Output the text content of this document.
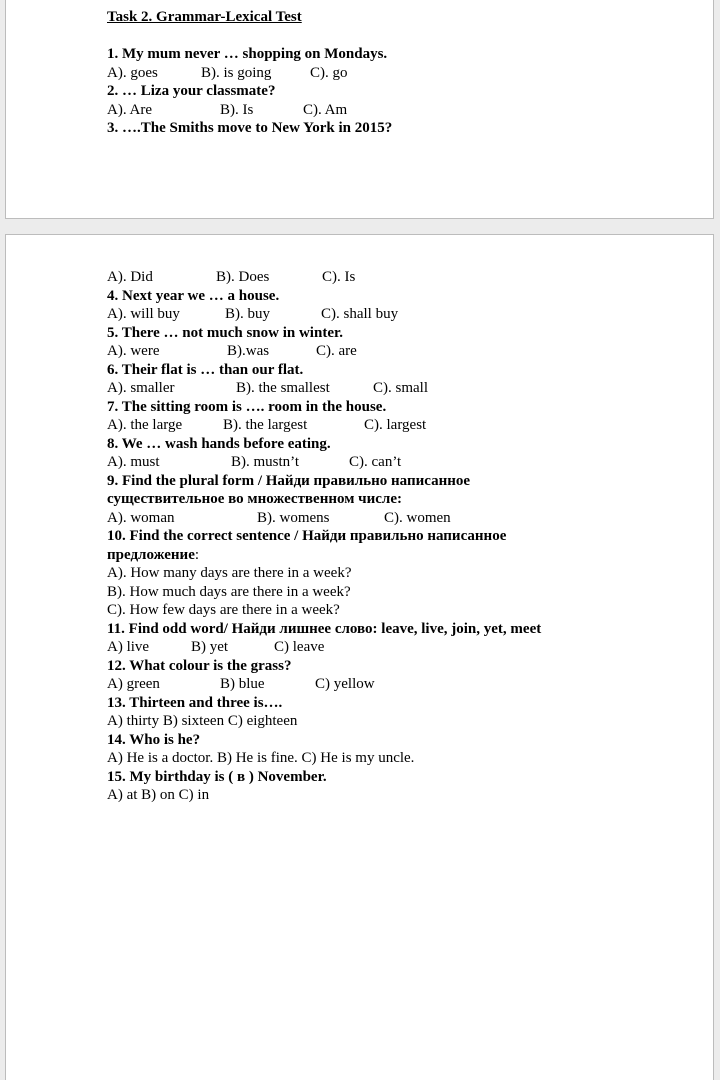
Task 2. Grammar-Lexical Test
1. My mum never … shopping on Mondays.
A). goes	B). is going	C). go
2. … Liza your classmate?
A). Are	B). Is	C). Am
3. ….The Smiths move to New York in 2015?
A). Did	B). Does	C). Is
4. Next year we … a house.
A). will buy	B). buy	C). shall buy
5. There … not much snow in winter.
A). were	B).was	C). are
6. Their flat is … than our flat.
A). smaller	B). the smallest	C). small
7. The sitting room is …. room in the house.
A). the large	B). the largest	C). largest
8. We … wash hands before eating.
A). must	B). mustn’t	C). can’t
9. Find the plural form / Найди правильно написанное
существительное во множественном числе:
A). woman	B). womens	C). women
10. Find the correct sentence / Найди правильно написанное
предложение:
A). How many days are there in a week?
B). How much days are there in a week?
C). How few days are there in a week?
11. Find odd word/ Найди лишнее слово: leave, live, join, yet, meet
A) live	B) yet	C) leave
12. What colour is the grass?
A) green	B) blue	C) yellow
13. Thirteen and three is….
A) thirty B) sixteen C) eighteen
14. Who is he?
A) He is a doctor. B) He is fine. C) He is my uncle.
15. My birthday is ( в ) November.
A) at B) on C) in
